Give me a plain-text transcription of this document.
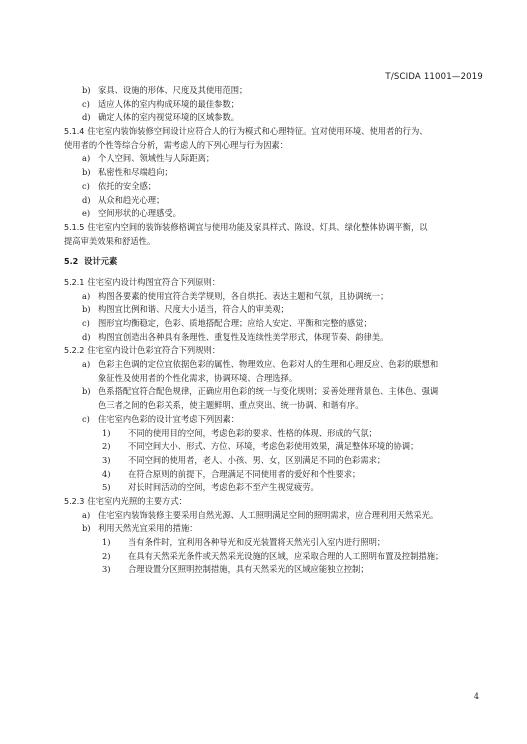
T/SCIDA 11001—2019
b) 家具、设施的形体、尺度及其使用范围；
c) 适应人体的室内构成环境的最佳参数；
d) 确定人体的室内视觉环境的区域参数。
5.1.4 住宅室内装饰装修空间设计应符合人的行为模式和心理特征。宜对使用环境、使用者的行为、
使用者的个性等综合分析，需考虑人的下列心理与行为因素：
a) 个人空间、领域性与人际距离；
b) 私密性和尽端趋向；
c) 依托的安全感；
d) 从众和趋光心理；
e) 空间形状的心理感受。
5.1.5 住宅室内空间的装饰装修格调宜与使用功能及家具样式、陈设、灯具、绿化整体协调平衡，以
提高审美效果和舒适性。
5.2 设计元素
5.2.1 住宅室内设计构图宜符合下列原则：
a) 构图各要素的使用宜符合美学规则，各自烘托、表达主题和气氛，且协调统一；
b) 构图宜比例和谐、尺度大小适当，符合人的审美观；
c) 图形宜均衡稳定，色彩、质地搭配合理；应给人安定、平衡和完整的感觉；
d) 构图宜创造出各种具有条理性、重复性及连续性美学形式，体现节奏、韵律美。
5.2.2 住宅室内设计色彩宜符合下列规则：
a) 色彩主色调的定位宜依据色彩的属性、物理效应、色彩对人的生理和心理反应、色彩的联想和
象征性及使用者的个性化需求，协调环境、合理选择。
b) 色系搭配宜符合配色规律，正确应用色彩的统一与变化规则；妥善处理背景色、主体色、强调
色三者之间的色彩关系，使主题鲜明、重点突出、统一协调、和谐有序。
c) 住宅室内色彩的设计宜考虑下列因素：
1) 不同的使用目的空间，考虑色彩的要求、性格的体现、形成的气氛；
2) 不同空间大小、形式、方位、环境，考虑色彩使用效果，满足整体环境的协调；
3) 不同空间的使用者，老人、小孩、男、女，区别满足不同的色彩需求；
4) 在符合原则的前提下，合理满足不同使用者的爱好和个性要求；
5) 对长时间活动的空间，考虑色彩不至产生视觉疲劳。
5.2.3 住宅室内光照的主要方式：
a) 住宅室内装饰装修主要采用自然光源、人工照明满足空间的照明需求，应合理利用天然采光。
b) 利用天然光宜采用的措施：
1) 当有条件时，宜利用各种导光和反光装置将天然光引入室内进行照明；
2) 在具有天然采光条件或天然采光设施的区域，应采取合理的人工照明布置及控制措施；
3) 合理设置分区照明控制措施，具有天然采光的区域应能独立控制；
4
